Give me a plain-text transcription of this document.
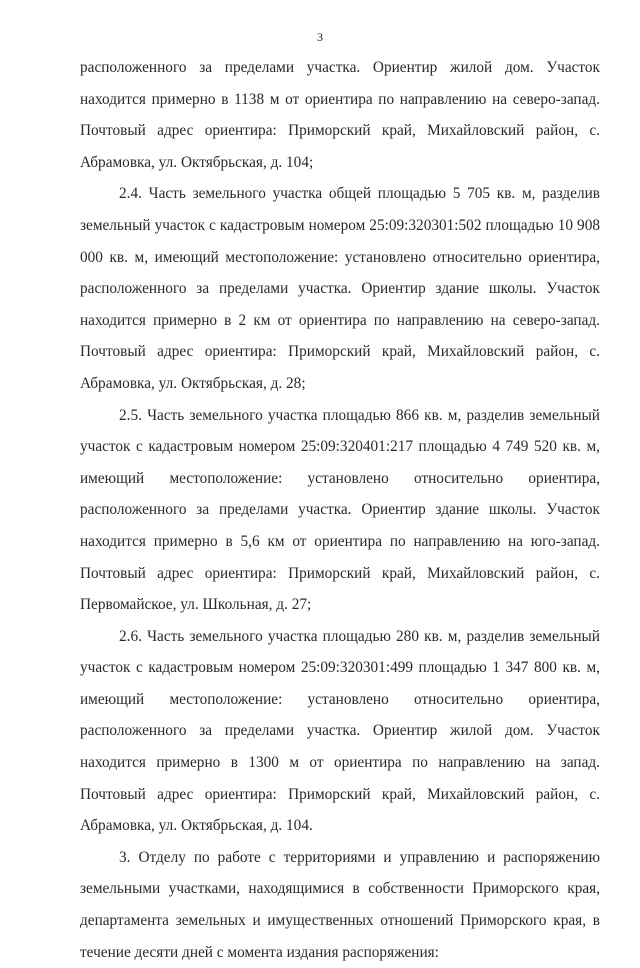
3

расположенного за пределами участка. Ориентир жилой дом. Участок находится примерно в 1138 м от ориентира по направлению на северо-запад. Почтовый адрес ориентира: Приморский край, Михайловский район, с. Абрамовка, ул. Октябрьская, д. 104;

2.4. Часть земельного участка общей площадью 5 705 кв. м, разделив земельный участок с кадастровым номером 25:09:320301:502 площадью 10 908 000 кв. м, имеющий местоположение: установлено относительно ориентира, расположенного за пределами участка. Ориентир здание школы. Участок находится примерно в 2 км от ориентира по направлению на северо-запад. Почтовый адрес ориентира: Приморский край, Михайловский район, с. Абрамовка, ул. Октябрьская, д. 28;

2.5. Часть земельного участка площадью 866 кв. м, разделив земельный участок с кадастровым номером 25:09:320401:217 площадью 4 749 520 кв. м, имеющий местоположение: установлено относительно ориентира, расположенного за пределами участка. Ориентир здание школы. Участок находится примерно в 5,6 км от ориентира по направлению на юго-запад. Почтовый адрес ориентира: Приморский край, Михайловский район, с. Первомайское, ул. Школьная, д. 27;

2.6. Часть земельного участка площадью 280 кв. м, разделив земельный участок с кадастровым номером 25:09:320301:499 площадью 1 347 800 кв. м, имеющий местоположение: установлено относительно ориентира, расположенного за пределами участка. Ориентир жилой дом. Участок находится примерно в 1300 м от ориентира по направлению на запад. Почтовый адрес ориентира: Приморский край, Михайловский район, с. Абрамовка, ул. Октябрьская, д. 104.

3. Отделу по работе с территориями и управлению и распоряжению земельными участками, находящимися в собственности Приморского края, департамента земельных и имущественных отношений Приморского края, в течение десяти дней с момента издания распоряжения:
